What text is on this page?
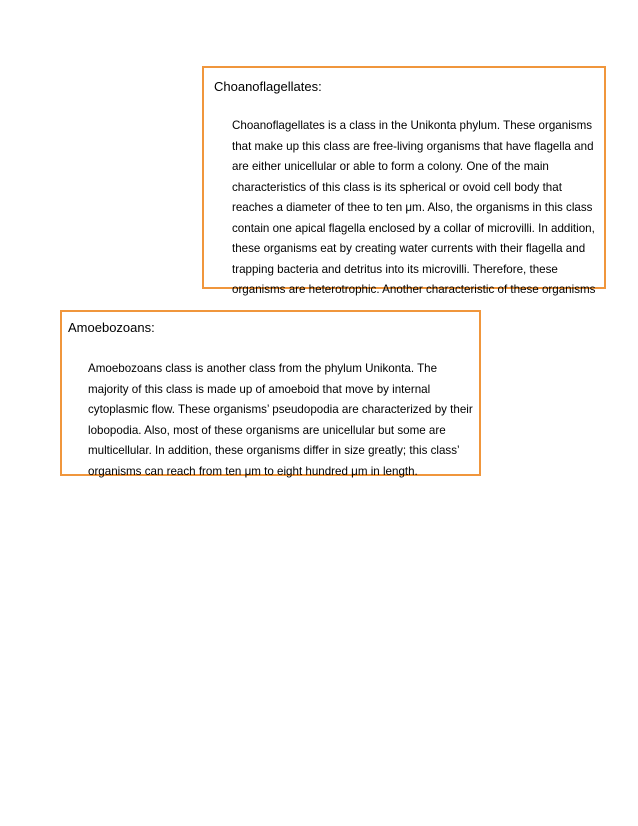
Choanoflagellates:

Choanoflagellates is a class in the Unikonta phylum. These organisms that make up this class are free-living organisms that have flagella and are either unicellular or able to form a colony. One of the main characteristics of this class is its spherical or ovoid cell body that reaches a diameter of thee to ten μm. Also, the organisms in this class contain one apical flagella enclosed by a collar of microvilli. In addition, these organisms eat by creating water currents with their flagella and trapping bacteria and detritus into its microvilli. Therefore, these organisms are heterotrophic. Another characteristic of these organisms

Amoebozoans:

Amoebozoans class is another class from the phylum Unikonta. The majority of this class is made up of amoeboid that move by internal cytoplasmic flow. These organisms’ pseudopodia are characterized by their lobopodia. Also, most of these organisms are unicellular but some are multicellular. In addition, these organisms differ in size greatly; this class’ organisms can reach from ten μm to eight hundred μm in length.
